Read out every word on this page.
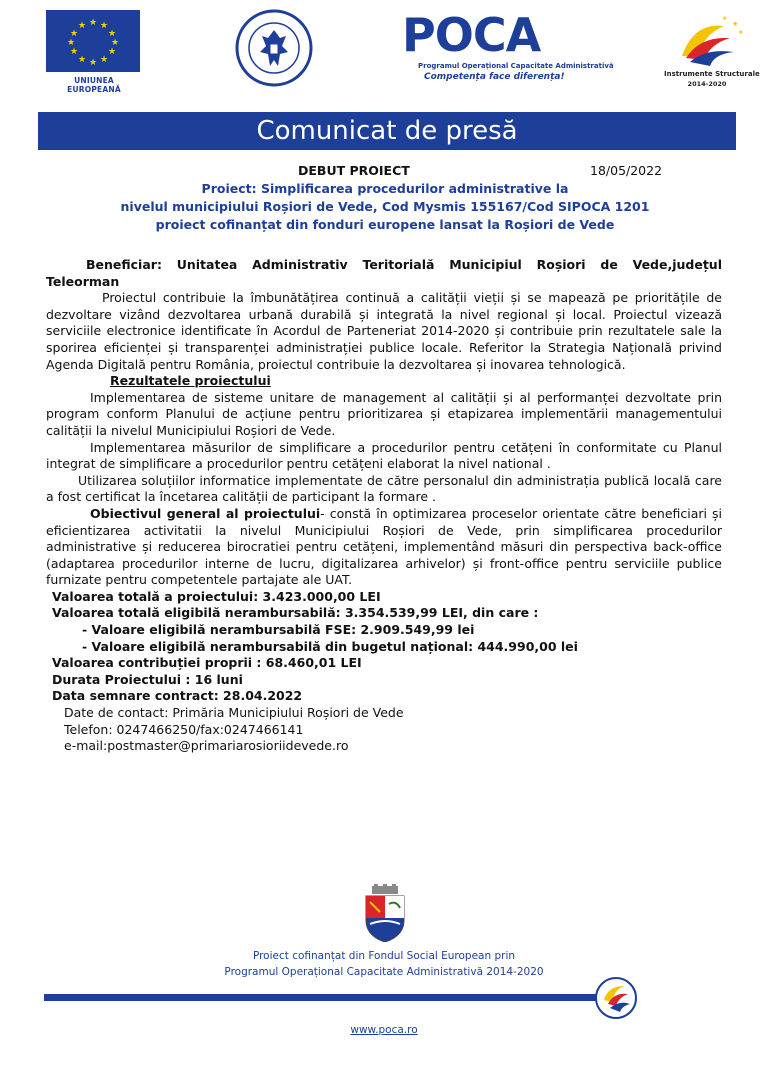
★ ★
★
★
★
★
★
★
★
★
★
★
UNIUNEA EUROPEANĂ
POCA
Programul Operațional Capacitate Administrativă
Competența face diferența!
★
★
★
Instrumente Structurale
2014-2020
Comunicat de presă
DEBUT PROIECT	18/05/2022
Proiect: Simplificarea procedurilor administrative la
nivelul municipiului Roșiori de Vede, Cod Mysmis 155167/Cod SIPOCA 1201
proiect cofinanțat din fonduri europene lansat la Roșiori de Vede

Beneficiar: Unitatea Administrativ Teritorială Municipiul Roșiori de Vede,județul Teleorman

Proiectul contribuie la îmbunătățirea continuă a calității vieții și se mapează pe prioritățile de dezvoltare vizând dezvoltarea urbană durabilă și integrată la nivel regional și local. Proiectul vizează serviciile electronice identificate în Acordul de Parteneriat 2014-2020 și contribuie prin rezultatele sale la sporirea eficienței și transparenței administrației publice locale. Referitor la Strategia Națională privind Agenda Digitală pentru România, proiectul contribuie la dezvoltarea și inovarea tehnologică.

Rezultatele proiectului

Implementarea de sisteme unitare de management al calității și al performanței dezvoltate prin program conform Planului de acțiune pentru prioritizarea și etapizarea implementării managementului calității la nivelul Municipiului Roșiori de Vede.

Implementarea măsurilor de simplificare a procedurilor pentru cetățeni în conformitate cu Planul integrat de simplificare a procedurilor pentru cetățeni elaborat la nivel national .

Utilizarea soluțiilor informatice implementate de către personalul din administrația publică locală care a fost certificat la încetarea calității de participant la formare .

Obiectivul general al proiectului- constă în optimizarea proceselor orientate către beneficiari și eficientizarea activitatii la nivelul Municipiului Roșiori de Vede, prin simplificarea procedurilor administrative și reducerea birocratiei pentru cetățeni, implementând măsuri din perspectiva back-office (adaptarea procedurilor interne de lucru, digitalizarea arhivelor) și front-office pentru serviciile publice furnizate pentru competentele partajate ale UAT.

Valoarea totală a proiectului: 3.423.000,00 LEI

Valoarea totală eligibilă nerambursabilă: 3.354.539,99 LEI, din care :

- Valoare eligibilă nerambursabilă FSE: 2.909.549,99 lei

- Valoare eligibilă nerambursabilă din bugetul național: 444.990,00 lei

Valoarea contribuției proprii : 68.460,01 LEI

Durata Proiectului : 16 luni

Data semnare contract: 28.04.2022

Date de contact: Primăria Municipiului Roșiori de Vede

Telefon: 0247466250/fax:0247466141

e-mail:postmaster@primariarosioriidevede.ro

Proiect cofinanțat din Fondul Social European prin
Programul Operațional Capacitate Administrativă 2014-2020
www.poca.ro
